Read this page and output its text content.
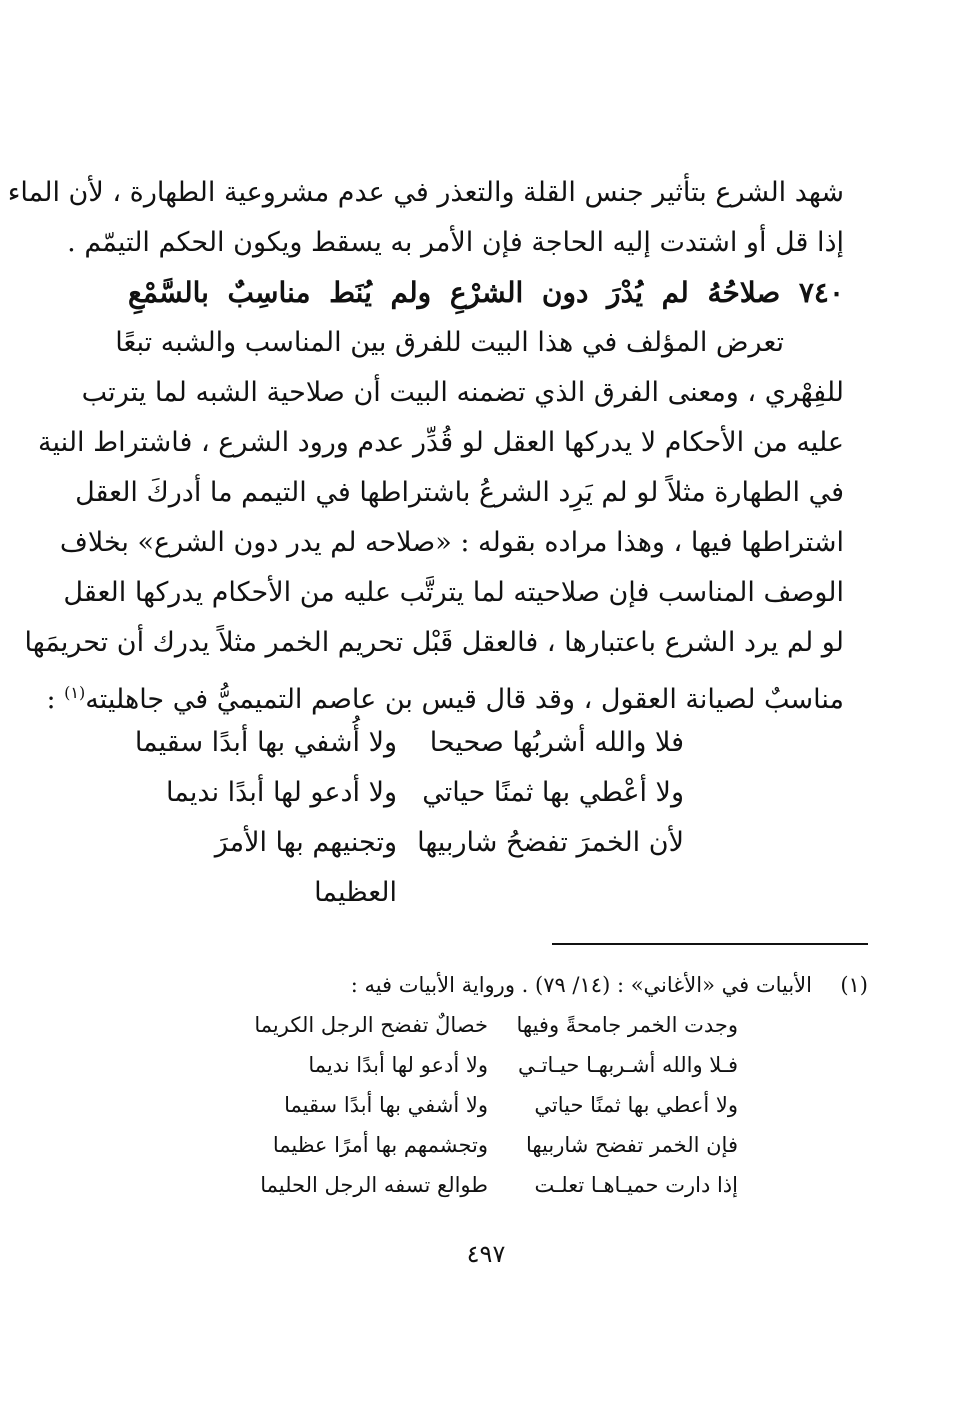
شهد الشرع بتأثير جنس القلة والتعذر في عدم مشروعية الطهارة ، لأن الماء
إذا قل أو اشتدت إليه الحاجة فإن الأمر به يسقط ويكون الحكم التيمّم .
٧٤٠ صلاحُهُ لم يُدْرَ دون الشرْعِ ولم يُنَط مناسِبٌ بالسَّمْعِ
تعرض المؤلف في هذا البيت للفرق بين المناسب والشبه تبعًا
للفِهْري ، ومعنى الفرق الذي تضمنه البيت أن صلاحية الشبه لما يترتب
عليه من الأحكام لا يدركها العقل لو قُدِّر عدم ورود الشرع ، فاشتراط النية
في الطهارة مثلاً لو لم يَرِد الشرعُ باشتراطها في التيمم ما أدركَ العقل
اشتراطها فيها ، وهذا مراده بقوله : «صلاحه لم يدر دون الشرع» بخلاف
الوصف المناسب فإن صلاحيته لما يترتَّب عليه من الأحكام يدركها العقل
لو لم يرد الشرع باعتبارها ، فالعقل قَبْل تحريم الخمر مثلاً يدرك أن تحريمَها
مناسبٌ لصيانة العقول ، وقد قال قيس بن عاصم التميميُّ في جاهليته$^{(١)}$ :
فلا والله أشربُها صحيحا
ولا أُشفي بها أبدًا سقيما
ولا أعْطي بها ثمنًا حياتي
ولا أدعو لها أبدًا نديما
لأن الخمرَ تفضحُ شاربيها
وتجنيهم بها الأمرَ العظيما
(١)الأبيات في «الأغاني» : (١٤/ ٧٩) . ورواية الأبيات فيه :
وجدت الخمر جامحةً وفيها
خصالٌ تفضح الرجل الكريما
فـلا والله أشـربهـا حيـاتـي
ولا أدعو لها أبدًا نديما
ولا أعطي بها ثمنًا حياتي
ولا أشفي بها أبدًا سقيما
فإن الخمر تفضح شاربيها
وتجشمهم بها أمرًا عظيما
إذا دارت حميـاهـا تعلـت
طوالع تسفه الرجل الحليما
٤٩٧
